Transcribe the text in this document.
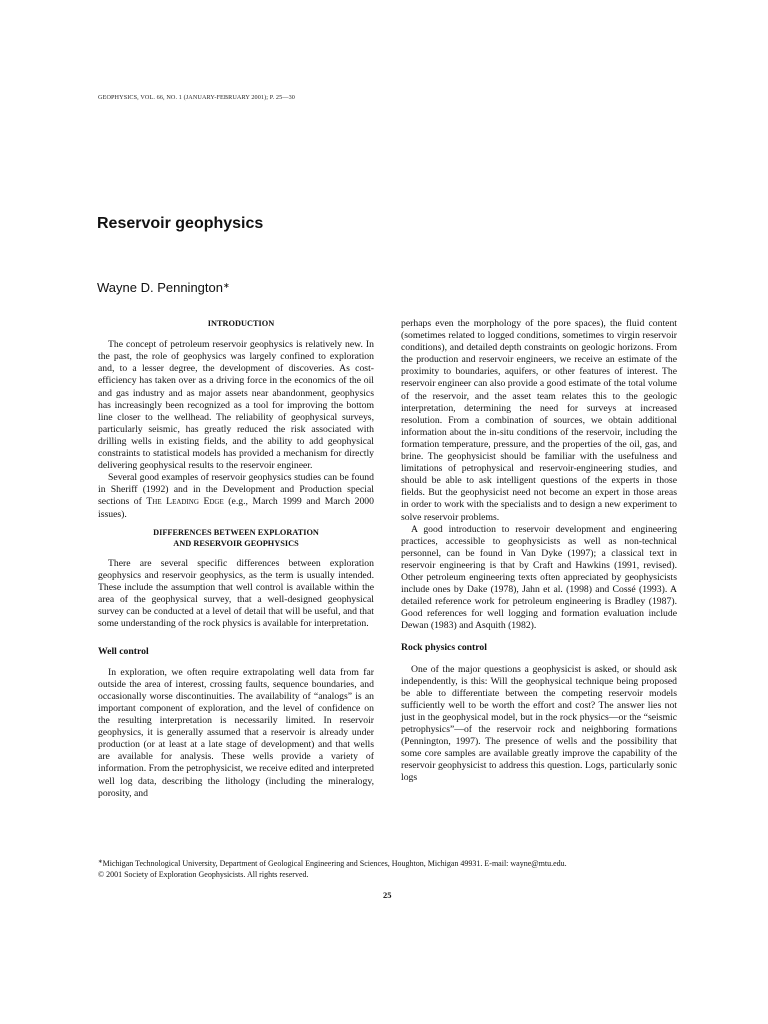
GEOPHYSICS, VOL. 66, NO. 1 (JANUARY-FEBRUARY 2001); P. 25—30
Reservoir geophysics

Wayne D. Pennington∗

INTRODUCTION

The concept of petroleum reservoir geophysics is relatively new. In the past, the role of geophysics was largely confined to exploration and, to a lesser degree, the development of discoveries. As cost-efficiency has taken over as a driving force in the economics of the oil and gas industry and as major assets near abandonment, geophysics has increasingly been recognized as a tool for improving the bottom line closer to the wellhead. The reliability of geophysical surveys, particularly seismic, has greatly reduced the risk associated with drilling wells in existing fields, and the ability to add geophysical constraints to statistical models has provided a mechanism for directly delivering geophysical results to the reservoir engineer.

Several good examples of reservoir geophysics studies can be found in Sheriff (1992) and in the Development and Production special sections of The Leading Edge (e.g., March 1999 and March 2000 issues).

DIFFERENCES BETWEEN EXPLORATION
AND RESERVOIR GEOPHYSICS

There are several specific differences between exploration geophysics and reservoir geophysics, as the term is usually intended. These include the assumption that well control is available within the area of the geophysical survey, that a well-designed geophysical survey can be conducted at a level of detail that will be useful, and that some understanding of the rock physics is available for interpretation.

Well control

In exploration, we often require extrapolating well data from far outside the area of interest, crossing faults, sequence boundaries, and occasionally worse discontinuities. The availability of “analogs” is an important component of exploration, and the level of confidence on the resulting interpretation is necessarily limited. In reservoir geophysics, it is generally assumed that a reservoir is already under production (or at least at a late stage of development) and that wells are available for analysis. These wells provide a variety of information. From the petrophysicist, we receive edited and interpreted well log data, describing the lithology (including the mineralogy, porosity, and

perhaps even the morphology of the pore spaces), the fluid content (sometimes related to logged conditions, sometimes to virgin reservoir conditions), and detailed depth constraints on geologic horizons. From the production and reservoir engineers, we receive an estimate of the proximity to boundaries, aquifers, or other features of interest. The reservoir engineer can also provide a good estimate of the total volume of the reservoir, and the asset team relates this to the geologic interpretation, determining the need for surveys at increased resolution. From a combination of sources, we obtain additional information about the in-situ conditions of the reservoir, including the formation temperature, pressure, and the properties of the oil, gas, and brine. The geophysicist should be familiar with the usefulness and limitations of petrophysical and reservoir-engineering studies, and should be able to ask intelligent questions of the experts in those fields. But the geophysicist need not become an expert in those areas in order to work with the specialists and to design a new experiment to solve reservoir problems.

A good introduction to reservoir development and engineering practices, accessible to geophysicists as well as non-technical personnel, can be found in Van Dyke (1997); a classical text in reservoir engineering is that by Craft and Hawkins (1991, revised). Other petroleum engineering texts often appreciated by geophysicists include ones by Dake (1978), Jahn et al. (1998) and Cossé (1993). A detailed reference work for petroleum engineering is Bradley (1987). Good references for well logging and formation evaluation include Dewan (1983) and Asquith (1982).

Rock physics control

One of the major questions a geophysicist is asked, or should ask independently, is this: Will the geophysical technique being proposed be able to differentiate between the competing reservoir models sufficiently well to be worth the effort and cost? The answer lies not just in the geophysical model, but in the rock physics—or the “seismic petrophysics”—of the reservoir rock and neighboring formations (Pennington, 1997). The presence of wells and the possibility that some core samples are available greatly improve the capability of the reservoir geophysicist to address this question. Logs, particularly sonic logs

∗Michigan Technological University, Department of Geological Engineering and Sciences, Houghton, Michigan 49931. E-mail: wayne@mtu.edu.
© 2001 Society of Exploration Geophysicists. All rights reserved.
25
